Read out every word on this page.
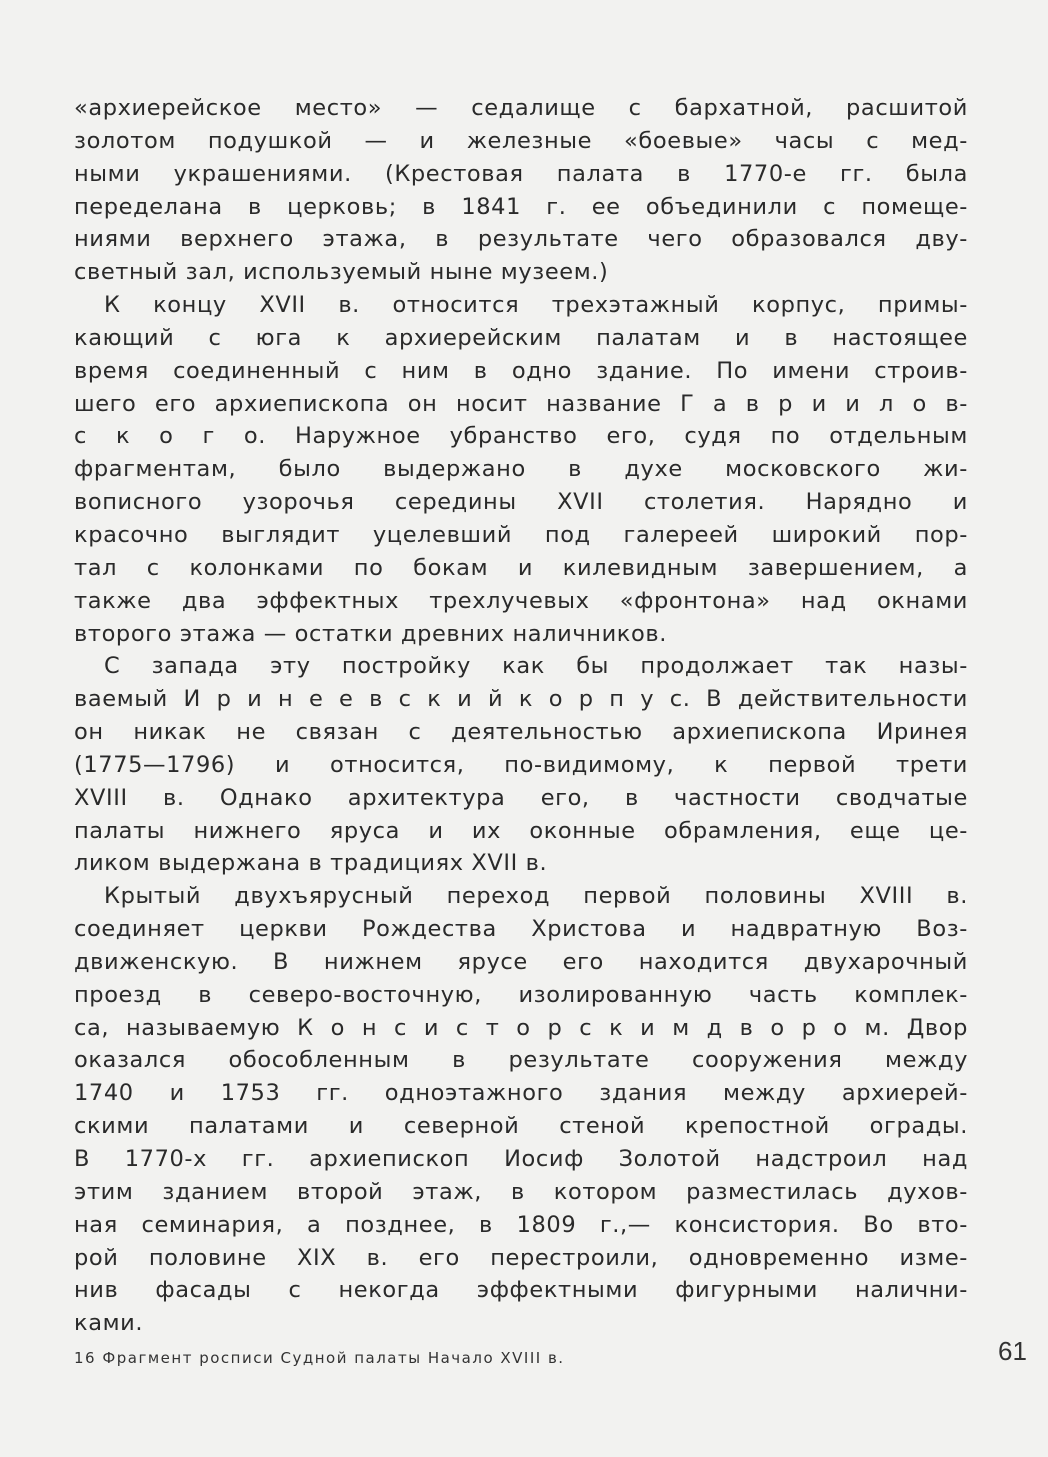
«архиерейское место» — седалище с бархатной, расшитой
золотом подушкой — и железные «боевые» часы с мед-
ными украшениями. (Крестовая палата в 1770-е гг. была
переделана в церковь; в 1841 г. ее объединили с помеще-
ниями верхнего этажа, в результате чего образовался дву-
светный зал, используемый ныне музеем.)
К концу XVII в. относится трехэтажный корпус, примы-
кающий с юга к архиерейским палатам и в настоящее
время соединенный с ним в одно здание. По имени строив-
шего его архиепископа он носит название Г а в р и и л о в-
с к о г о. Наружное убранство его, судя по отдельным
фрагментам, было выдержано в духе московского жи-
вописного узорочья середины XVII столетия. Нарядно и
красочно выглядит уцелевший под галереей широкий пор-
тал с колонками по бокам и килевидным завершением, а
также два эффектных трехлучевых «фронтона» над окнами
второго этажа — остатки древних наличников.
С запада эту постройку как бы продолжает так назы-
ваемый И р и н е е в с к и й к о р п у с. В действительности
он никак не связан с деятельностью архиепископа Иринея
(1775—1796) и относится, по-видимому, к первой трети
XVIII в. Однако архитектура его, в частности сводчатые
палаты нижнего яруса и их оконные обрамления, еще це-
ликом выдержана в традициях XVII в.
Крытый двухъярусный переход первой половины XVIII в.
соединяет церкви Рождества Христова и надвратную Воз-
движенскую. В нижнем ярусе его находится двухарочный
проезд в северо-восточную, изолированную часть комплек-
са, называемую К о н с и с т о р с к и м д в о р о м. Двор
оказался обособленным в результате сооружения между
1740 и 1753 гг. одноэтажного здания между архиерей-
скими палатами и северной стеной крепостной ограды.
В 1770-х гг. архиепископ Иосиф Золотой надстроил над
этим зданием второй этаж, в котором разместилась духов-
ная семинария, а позднее, в 1809 г.,— консистория. Во вто-
рой половине XIX в. его перестроили, одновременно изме-
нив фасады с некогда эффектными фигурными налични-
ками.
16 Фрагмент росписи Судной палаты Начало XVIII в.	61
